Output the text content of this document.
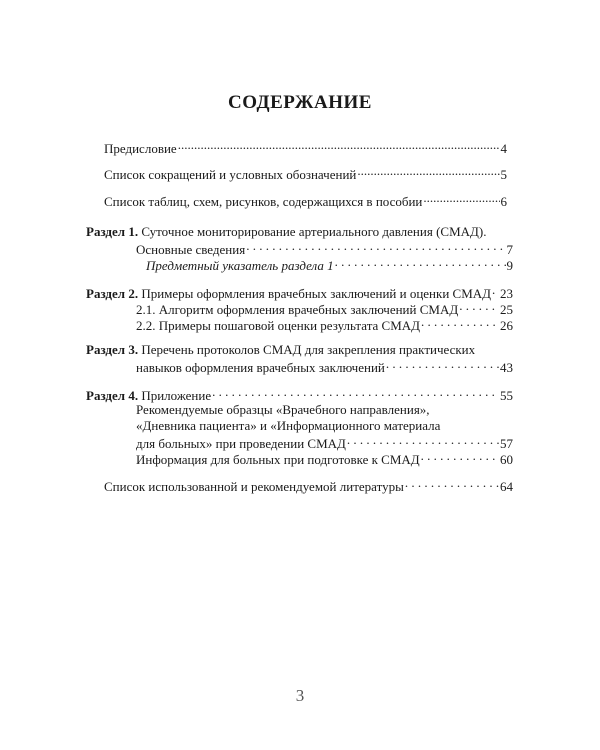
СОДЕРЖАНИЕ
Предисловие .....	4
Список сокращений и условных обозначений .....	5
Список таблиц, схем, рисунков, содержащихся в пособии .....	6
Раздел 1. Суточное мониторирование артериального давления (СМАД).
Основные сведения . . .	7
Предметный указатель раздела 1 . . .	9
Раздел 2. Примеры оформления врачебных заключений и оценки СМАД . . . 23
2.1. Алгоритм оформления врачебных заключений СМАД . . .	25
2.2. Примеры пошаговой оценки результата СМАД . . .	26
Раздел 3. Перечень протоколов СМАД для закрепления практических
навыков оформления врачебных заключений . . .	43
Раздел 4. Приложение . . .	55
Рекомендуемые образцы «Врачебного направления»,
«Дневника пациента» и «Информационного материала
для больных» при проведении СМАД . . .	57
Информация для больных при подготовке к СМАД . . .	60
Список использованной и рекомендуемой литературы . . .	64
3
